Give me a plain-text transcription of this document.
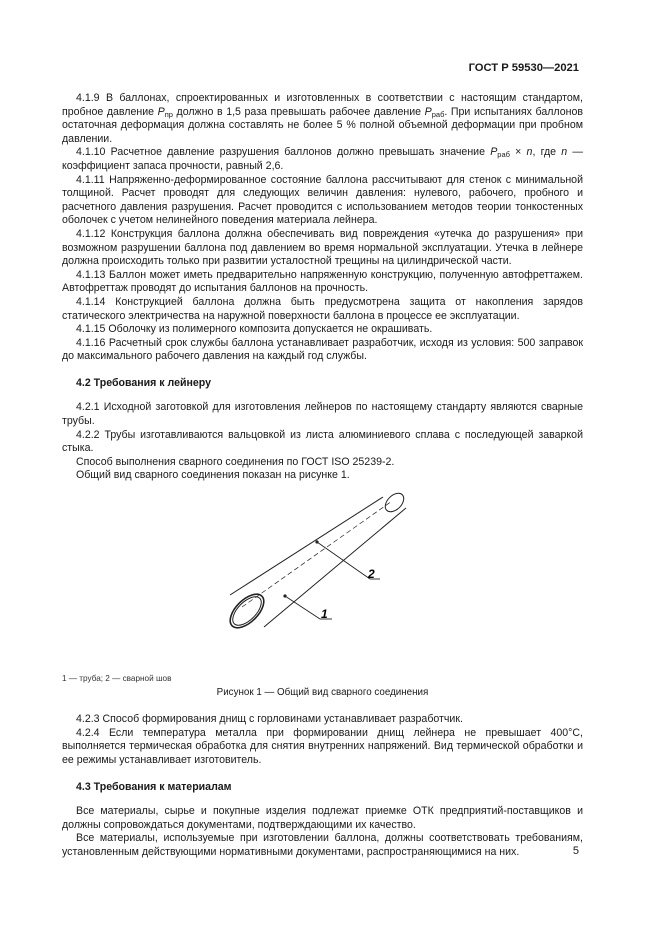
ГОСТ Р 59530—2021

4.1.9 В баллонах, спроектированных и изготовленных в соответствии с настоящим стандартом, пробное давление $P_{пр}$ должно в 1,5 раза превышать рабочее давление $P_{раб}$. При испытаниях баллонов остаточная деформация должна составлять не более 5 % полной объемной деформации при пробном давлении.

4.1.10 Расчетное давление разрушения баллонов должно превышать значение $P_{раб} \times n$, где n — коэффициент запаса прочности, равный 2,6.

4.1.11 Напряженно-деформированное состояние баллона рассчитывают для стенок с минимальной толщиной. Расчет проводят для следующих величин давления: нулевого, рабочего, пробного и расчетного давления разрушения. Расчет проводится с использованием методов теории тонкостенных оболочек с учетом нелинейного поведения материала лейнера.

4.1.12 Конструкция баллона должна обеспечивать вид повреждения «утечка до разрушения» при возможном разрушении баллона под давлением во время нормальной эксплуатации. Утечка в лейнере должна происходить только при развитии усталостной трещины на цилиндрической части.

4.1.13 Баллон может иметь предварительно напряженную конструкцию, полученную автофреттажем. Автофреттаж проводят до испытания баллонов на прочность.

4.1.14 Конструкцией баллона должна быть предусмотрена защита от накопления зарядов статического электричества на наружной поверхности баллона в процессе ее эксплуатации.

4.1.15 Оболочку из полимерного композита допускается не окрашивать.

4.1.16 Расчетный срок службы баллона устанавливает разработчик, исходя из условия: 500 заправок до максимального рабочего давления на каждый год службы.

4.2 Требования к лейнеру

4.2.1 Исходной заготовкой для изготовления лейнеров по настоящему стандарту являются сварные трубы.

4.2.2 Трубы изготавливаются вальцовкой из листа алюминиевого сплава с последующей заваркой стыка.

Способ выполнения сварного соединения по ГОСТ ISO 25239-2.

Общий вид сварного соединения показан на рисунке 1.

2
1

1 — труба; 2 — сварной шов

Рисунок 1 — Общий вид сварного соединения

4.2.3 Способ формирования днищ с горловинами устанавливает разработчик.

4.2.4 Если температура металла при формировании днищ лейнера не превышает 400°С, выполняется термическая обработка для снятия внутренних напряжений. Вид термической обработки и ее режимы устанавливает изготовитель.

4.3 Требования к материалам

Все материалы, сырье и покупные изделия подлежат приемке ОТК предприятий-поставщиков и должны сопровождаться документами, подтверждающими их качество.

Все материалы, используемые при изготовлении баллона, должны соответствовать требованиям, установленным действующими нормативными документами, распространяющимися на них.	5
